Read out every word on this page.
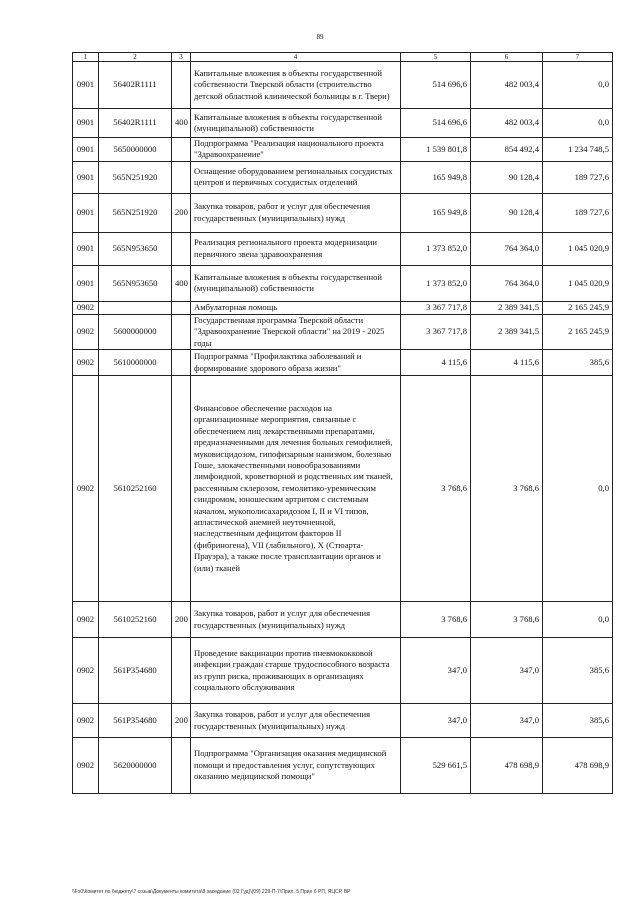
89
1	2	3	4	5	6	7
0901	56402R1111		Капитальные вложения в объекты государственной собственности Тверской области (строительство детской областной клинической больницы в г. Твери)	514 696,6	482 003,4	0,0
0901	56402R1111	400	Капитальные вложения в объекты государственной (муниципальной) собственности	514 696,6	482 003,4	0,0
0901	5650000000		Подпрограмма "Реализация национального проекта "Здравоохранение"	1 539 801,8	854 492,4	1 234 748,5
0901	565N251920		Оснащение оборудованием региональных сосудистых центров и первичных сосудистых отделений	165 949,8	90 128,4	189 727,6
0901	565N251920	200	Закупка товаров, работ и услуг для обеспечения государственных (муниципальных) нужд	165 949,8	90 128,4	189 727,6
0901	565N953650		Реализация регионального проекта модернизации первичного звена здравоохранения	1 373 852,0	764 364,0	1 045 020,9
0901	565N953650	400	Капитальные вложения в объекты государственной (муниципальной) собственности	1 373 852,0	764 364,0	1 045 020,9
0902			Амбулаторная помощь	3 367 717,8	2 389 341,5	2 165 245,9
0902	5600000000		Государственная программа Тверской области "Здравоохранение Тверской области" на 2019 - 2025 годы	3 367 717,8	2 389 341,5	2 165 245,9
0902	5610000000		Подпрограмма "Профилактика заболеваний и формирование здорового образа жизни"	4 115,6	4 115,6	385,6
0902	5610252160		Финансовое обеспечение расходов на организационные мероприятия, связанные с обеспечением лиц лекарственными препаратами, предназначенными для лечения больных гемофилией, муковисцидозом, гипофизарным нанизмом, болезнью Гоше, злокачественными новообразованиями лимфоидной, кроветворной и родственных им тканей, рассеянным склерозом, гемолитико-уремическим синдромом, юношеским артритом с системным началом, мукополисахаридозом I, II и VI типов, апластической анемией неуточненной, наследственным дефицитом факторов II (фибриногена), VII (лабильного), X (Стюарта-Прауэра), а также после трансплантации органов и (или) тканей	3 768,6	3 768,6	0,0
0902	5610252160	200	Закупка товаров, работ и услуг для обеспечения государственных (муниципальных) нужд	3 768,6	3 768,6	0,0
0902	561P354680		Проведение вакцинации против пневмококковой инфекции граждан старше трудоспособного возраста из групп риска, проживающих в организациях социального обслуживания	347,0	347,0	385,6
0902	561P354680	200	Закупка товаров, работ и услуг для обеспечения государственных (муниципальных) нужд	347,0	347,0	385,6
0902	5620000000		Подпрограмма "Организация оказания медицинской помощи и предоставления услуг, сопутствующих оказанию медицинской помощи"	529 661,5	478 698,9	478 698,9
\\Fs0\Комитет по бюджету\7 созыв\Документы комитета\8 заседание (02 Гуд)\(09) 229-П-7\Прил. 5 Прил 6 РП, ЯЦСР, ВР
